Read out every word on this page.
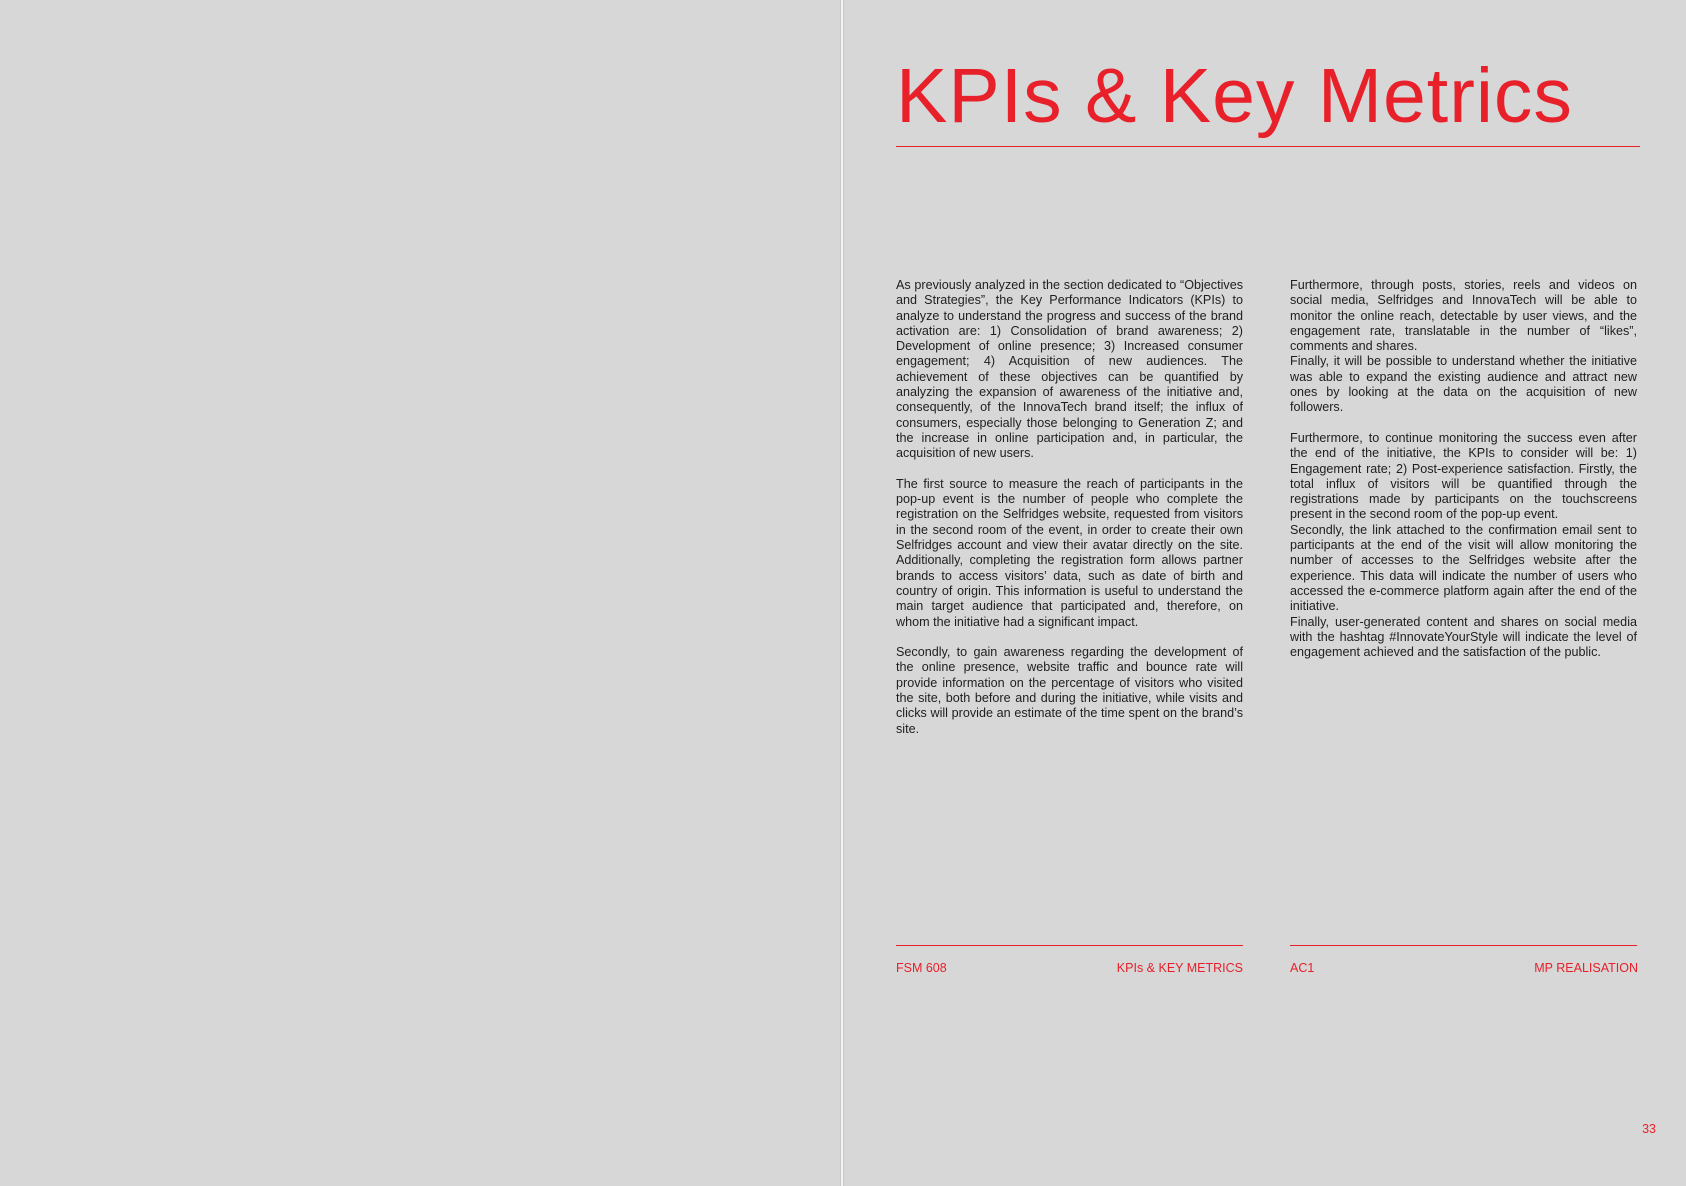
KPIs & Key Metrics

As previously analyzed in the section dedicated to “Objectives and Strategies”, the Key Performance Indicators (KPIs) to analyze to understand the progress and success of the brand activation are: 1) Consolidation of brand awareness; 2) Development of online presence; 3) Increased consumer engagement; 4) Acquisition of new audiences. The achievement of these objectives can be quantified by analyzing the expansion of awareness of the initiative and, consequently, of the InnovaTech brand itself; the influx of consumers, especially those belonging to Generation Z; and the increase in online participation and, in particular, the acquisition of new users.

The first source to measure the reach of participants in the pop-up event is the number of people who complete the registration on the Selfridges website, requested from visitors in the second room of the event, in order to create their own Selfridges account and view their avatar directly on the site. Additionally, completing the registration form allows partner brands to access visitors’ data, such as date of birth and country of origin. This information is useful to understand the main target audience that participated and, therefore, on whom the initiative had a significant impact.

Secondly, to gain awareness regarding the development of the online presence, website traffic and bounce rate will provide information on the percentage of visitors who visited the site, both before and during the initiative, while visits and clicks will provide an estimate of the time spent on the brand’s site.

Furthermore, through posts, stories, reels and videos on social media, Selfridges and InnovaTech will be able to monitor the online reach, detectable by user views, and the engagement rate, translatable in the number of “likes”, comments and shares.

Finally, it will be possible to understand whether the initiative was able to expand the existing audience and attract new ones by looking at the data on the acquisition of new followers.

Furthermore, to continue monitoring the success even after the end of the initiative, the KPIs to consider will be: 1) Engagement rate; 2) Post-experience satisfaction. Firstly, the total influx of visitors will be quantified through the registrations made by participants on the touchscreens present in the second room of the pop-up event.

Secondly, the link attached to the confirmation email sent to participants at the end of the visit will allow monitoring the number of accesses to the Selfridges website after the experience. This data will indicate the number of users who accessed the e-commerce platform again after the end of the initiative.

Finally, user-generated content and shares on social media with the hashtag #InnovateYourStyle will indicate the level of engagement achieved and the satisfaction of the public.

FSM 608	KPIs & KEY METRICS	AC1	MP REALISATION
33
